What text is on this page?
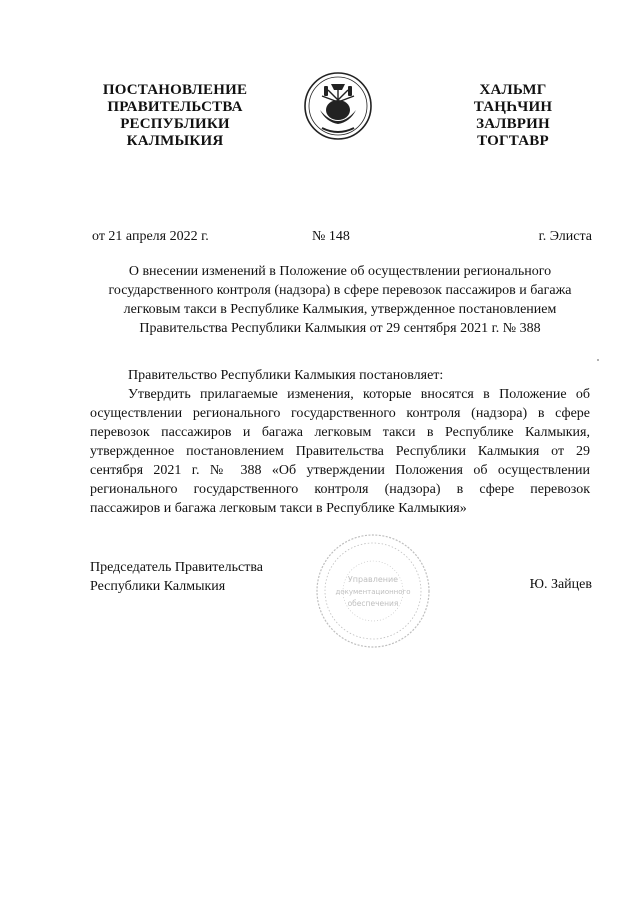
ПОСТАНОВЛЕНИЕ
ПРАВИТЕЛЬСТВА
РЕСПУБЛИКИ
КАЛМЫКИЯ
ХАЛЬМГ
ТАҢҺЧИН
ЗАЛВРИН
ТОГТАВР
от 21 апреля 2022 г.	№ 148	г. Элиста
О внесении изменений в Положение об осуществлении регионального
государственного контроля (надзора) в сфере перевозок пассажиров и багажа
легковым такси в Республике Калмыкия, утвержденное постановлением
Правительства Республики Калмыкия от 29 сентября 2021 г. № 388
Правительство Республики Калмыкия постановляет:
Утвердить прилагаемые изменения, которые вносятся в Положение об
осуществлении регионального государственного контроля (надзора) в сфере
перевозок пассажиров и багажа легковым такси в Республике Калмыкия,
утвержденное постановлением Правительства Республики Калмыкия от 29
сентября 2021 г. № 388 «Об утверждении Положения об осуществлении
регионального государственного контроля (надзора) в сфере перевозок
пассажиров и багажа легковым такси в Республике Калмыкия»
Председатель Правительства
Республики Калмыкия	Управление
документационного
обеспечения
Ю. Зайцев
